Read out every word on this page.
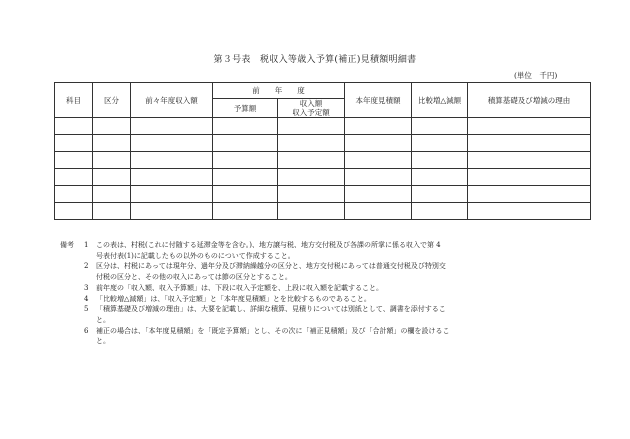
第３号表　税収入等歳入予算(補正)見積額明細書
(単位　千円)
科目	区分	前々年度収入額	前　　年　　度		本年度見積額	比較増△減額	積算基礎及び増減の理由
			予算額	収入額
収入予定額			

備考	1	この表は、村税(これに付随する延滞金等を含む。)、地方譲与税、地方交付税及び各課の所掌に係る収入で第 4
号表付表(1)に記載したもの以外のものについて作成すること。
2	区分は、村税にあっては現年分、過年分及び滞納繰越分の区分と、地方交付税にあっては普通交付税及び特別交
付税の区分と、その他の収入にあっては節の区分とすること。
3	前年度の「収入額、収入予算額」は、下段に収入予定額を、上段に収入額を記載すること。
4	「比較増△減額」は、「収入予定額」と「本年度見積額」とを比較するものであること。
5	「積算基礎及び増減の理由」は、大要を記載し、詳細な積算、見積りについては別紙として、調書を添付するこ
と。
6	補正の場合は、「本年度見積額」を「既定予算額」とし、その次に「補正見積額」及び「合計額」の欄を設けるこ
と。
